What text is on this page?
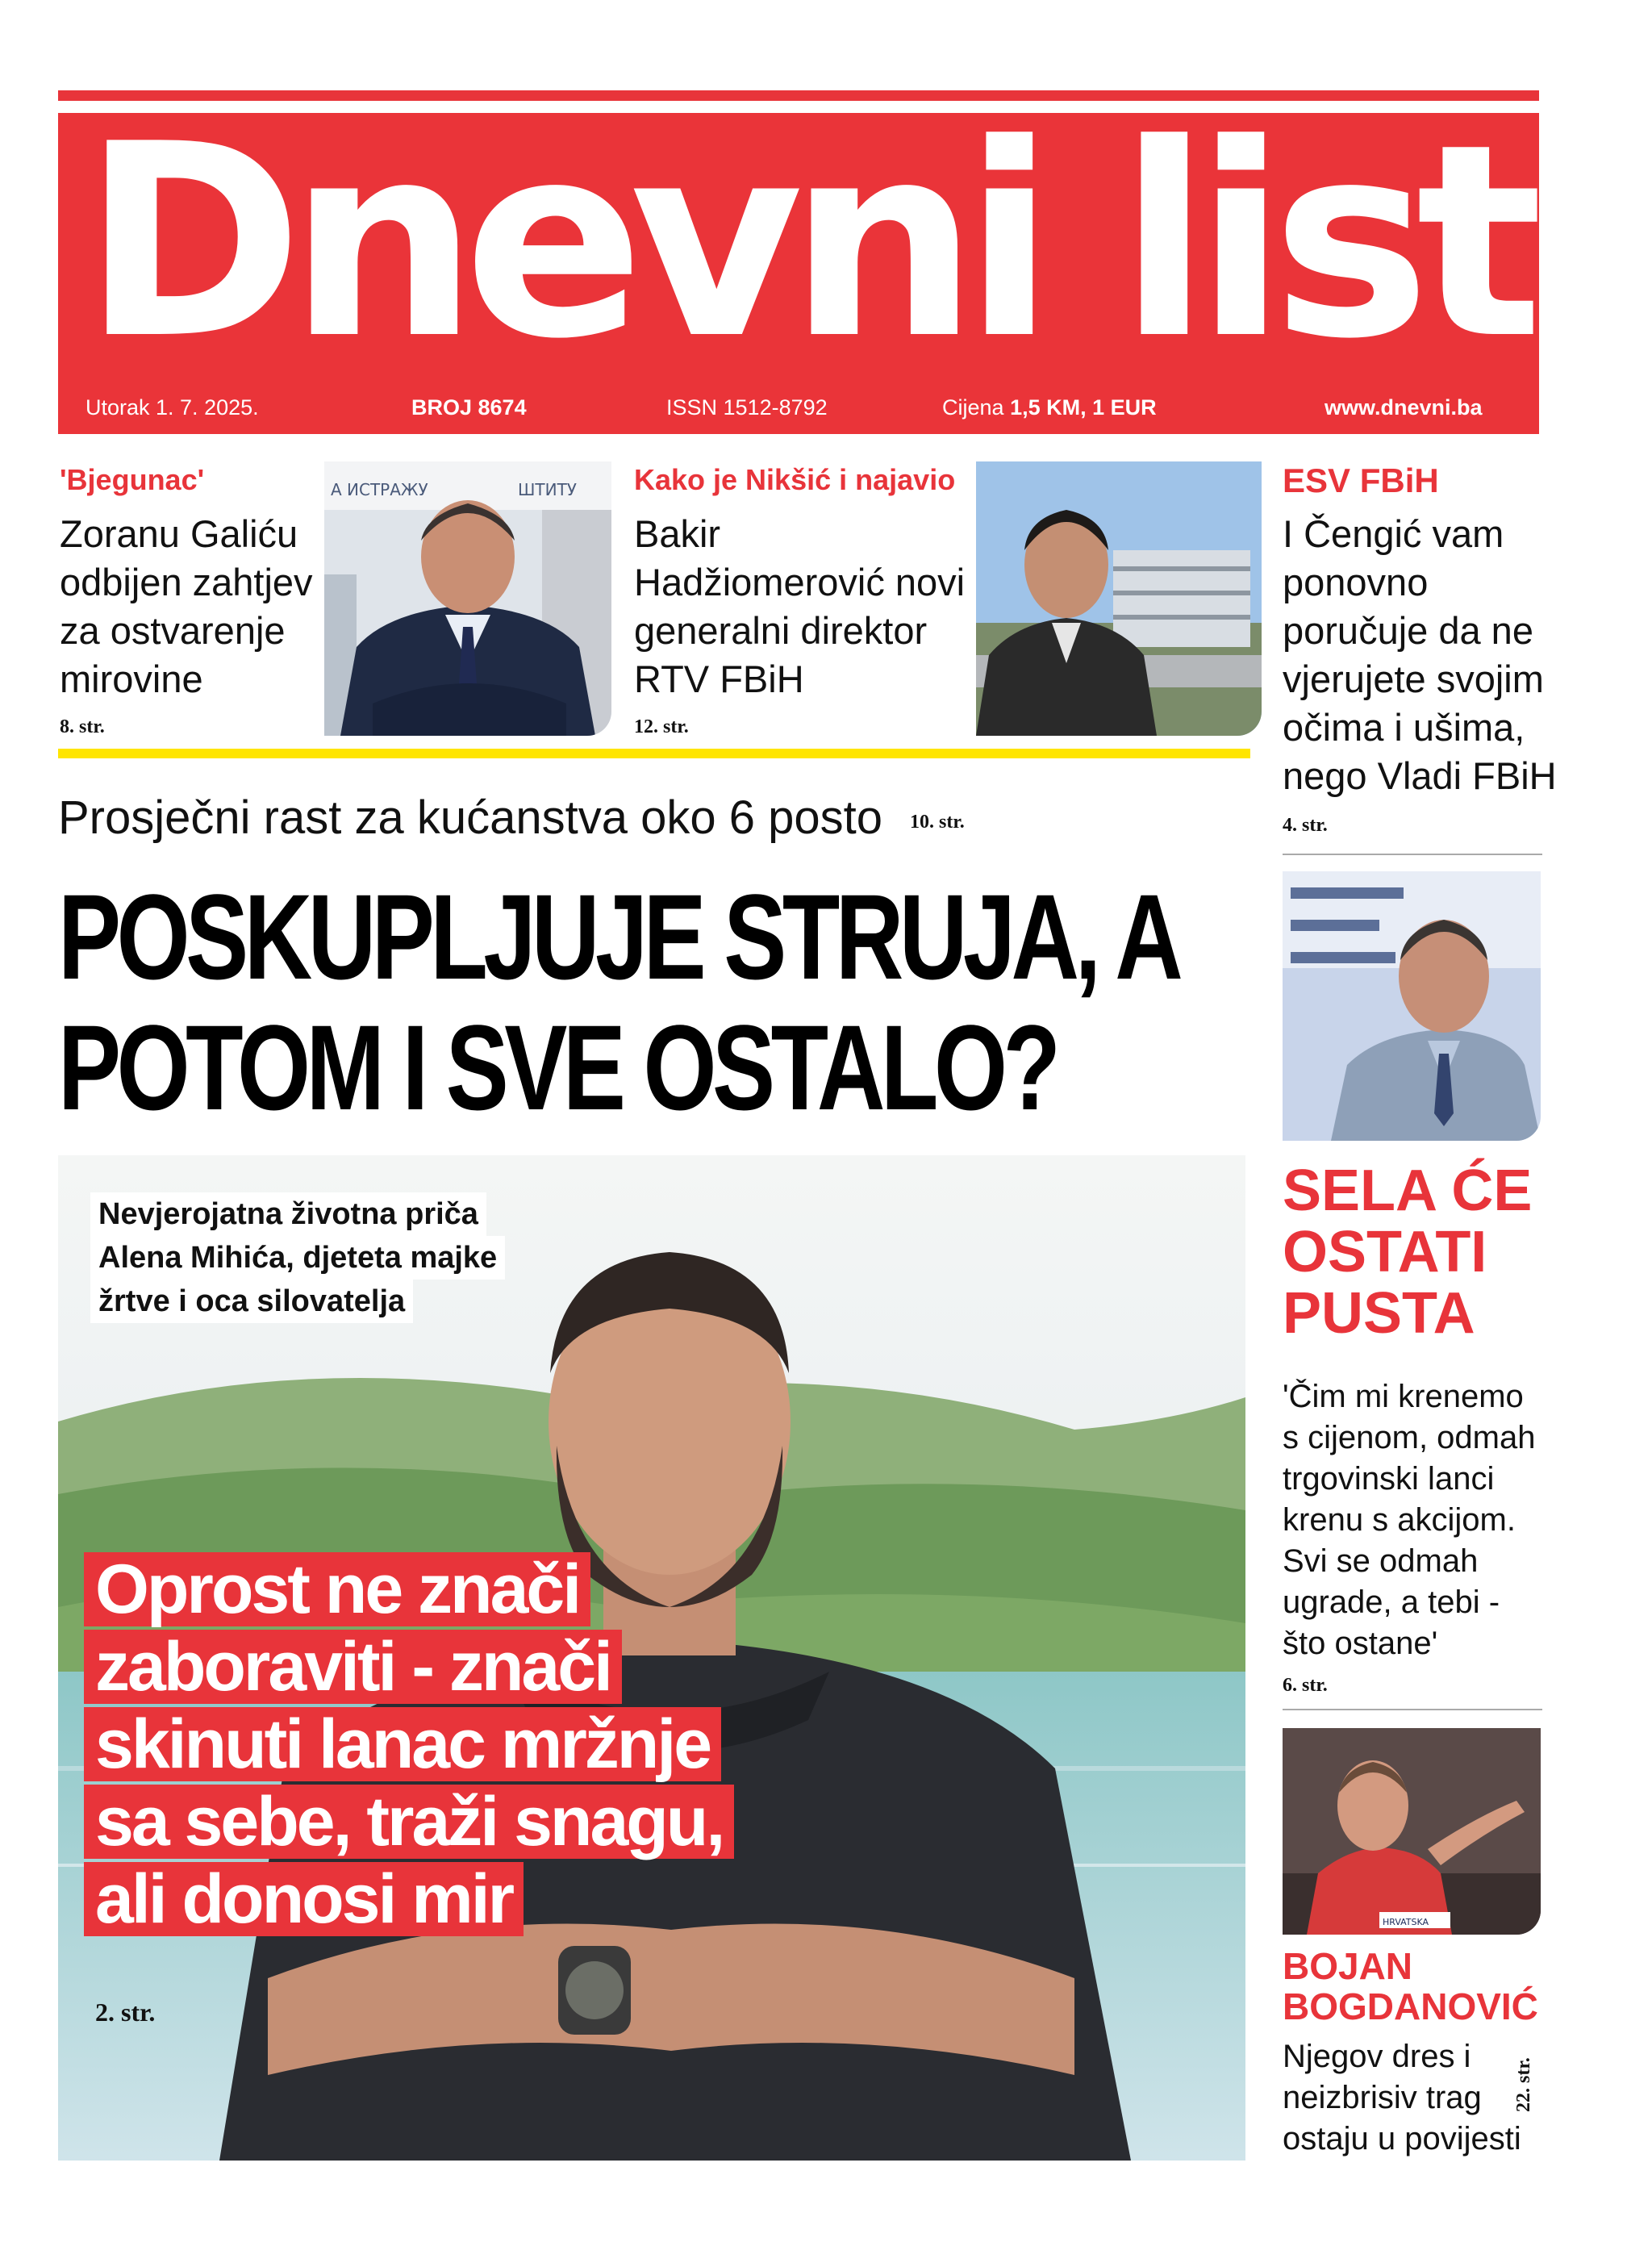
Dnevni list
Utorak 1. 7. 2025.	BROJ 8674	ISSN 1512-8792	Cijena 1,5 KM, 1 EUR	www.dnevni.ba
'Bjegunac'
Zoranu Galiću odbijen zahtjev za ostvarenje mirovine
8. str.
А ИСТРАЖУ	ШТИТУ Kako je Nikšić i najavio
Bakir Hadžiomerović novi generalni direktor RTV FBiH
12. str.
ESV FBiH
I Čengić vam ponovno poručuje da ne vjerujete svojim očima i ušima, nego Vladi FBiH
4. str.
Prosječni rast za kućanstva oko 6 posto 10. str.
POSKUPLJUJE STRUJA, A
POTOM I SVE OSTALO?
Nevjerojatna životna priča
Alena Mihića, djeteta majke
žrtve i oca silovatelja
Oprost ne znači
zaboraviti - znači
skinuti lanac mržnje
sa sebe, traži snagu,
ali donosi mir
2. str.
SELA ĆE
OSTATI
PUSTA
'Čim mi krenemo s cijenom, odmah trgovinski lanci krenu s akcijom. Svi se odmah ugrade, a tebi - što ostane'
6. str.
HRVATSKA
BOJAN
BOGDANOVIĆ
Njegov dres i neizbrisiv trag ostaju u povijesti
22. str.
